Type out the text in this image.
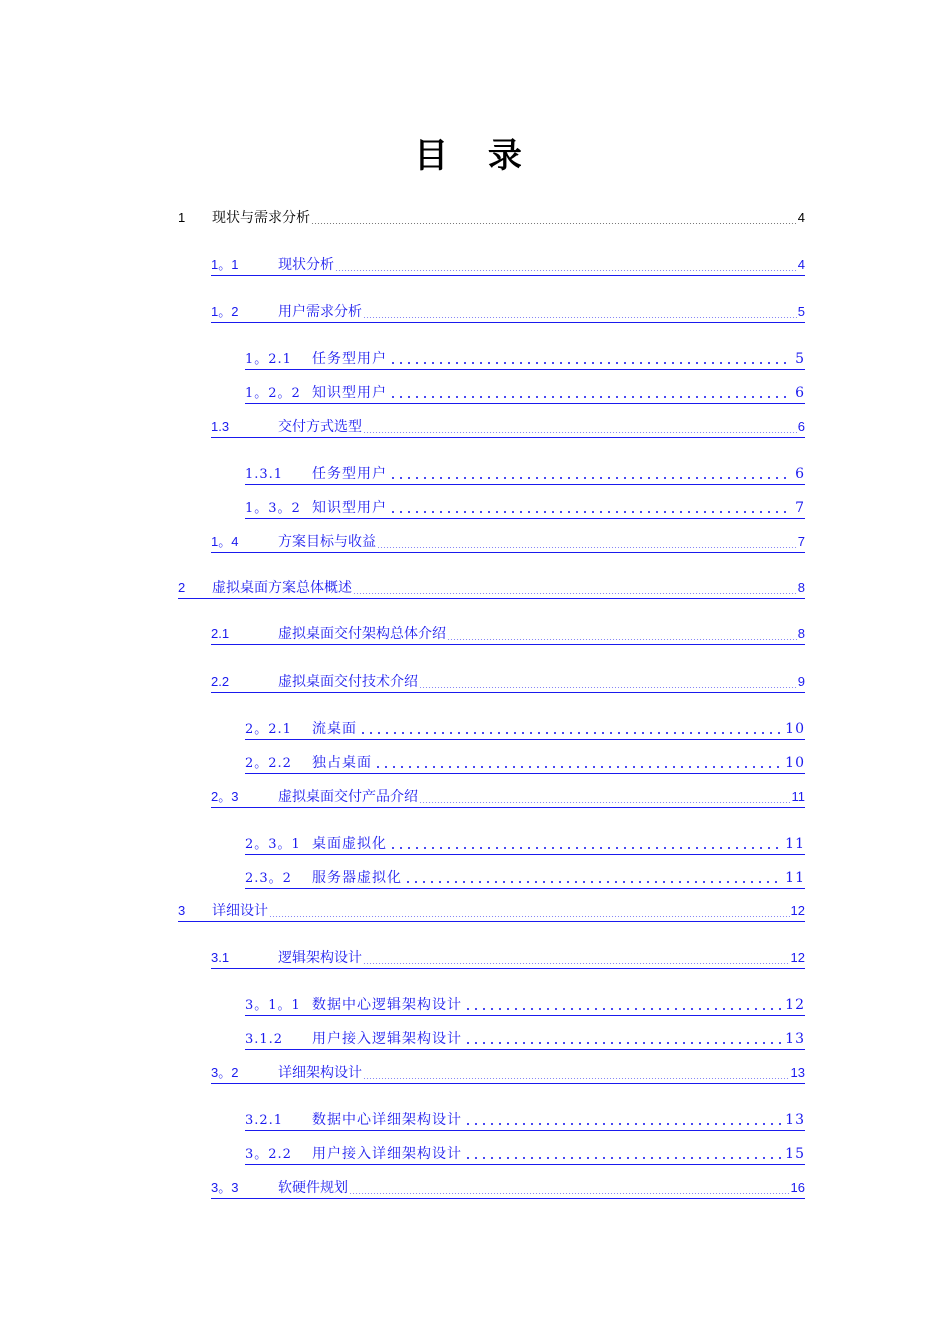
目 录
1	现状与需求分析	4
1。1	现状分析	4
1。2	用户需求分析	5
1。2.1	任务型用户	5
1。2。2 知识型用户	6
1.3	交付方式选型	6
1.3.1	任务型用户	6
1。3。2 知识型用户	7
1。4	方案目标与收益	7
2	虚拟桌面方案总体概述	8
2.1	虚拟桌面交付架构总体介绍	8
2.2	虚拟桌面交付技术介绍	9
2。2.1	流桌面	10
2。2.2	独占桌面	10
2。3	虚拟桌面交付产品介绍	11
2。3。1 桌面虚拟化	11
2.3。2	服务器虚拟化	11
3	详细设计	12
3.1	逻辑架构设计	12
3。1。1 数据中心逻辑架构设计	12
3.1.2	用户接入逻辑架构设计	13
3。2	详细架构设计	13
3.2.1	数据中心详细架构设计	13
3。2.2	用户接入详细架构设计	15
3。3	软硬件规划	16
